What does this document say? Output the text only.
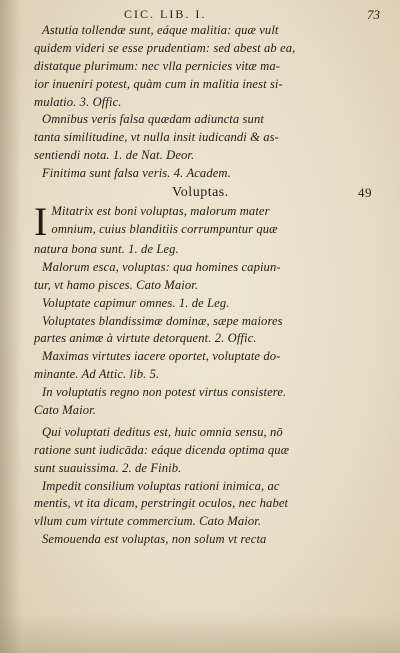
CIC. LIB. I.	73
Astutia tollendæ sunt, eáque malitia: quæ vult
quidem videri se esse prudentiam: sed abest ab ea,
distatque plurimum: nec vlla pernicies vitæ ma-
ior inueniri potest, quàm cum in malitia inest si-
mulatio. 3. Offic.
Omnibus veris falsa quædam adiuncta sunt
tanta similitudine, vt nulla insit iudicandi & as-
sentiendi nota. 1. de Nat. Deor.
Finitima sunt falsa veris. 4. Academ.
Voluptas.	49
I Mitatrix est boni voluptas, malorum mater
omnium, cuius blanditiis corrumpuntur quæ
natura bona sunt. 1. de Leg.
Malorum esca, voluptas: qua homines capiun-
tur, vt hamo pisces. Cato Maior.
Voluptate capimur omnes. 1. de Leg.
Voluptates blandissimæ dominæ, sæpe maiores
partes animæ à virtute detorquent. 2. Offic.
Maximas virtutes iacere oportet, voluptate do-
minante. Ad Attic. lib. 5.
In voluptatis regno non potest virtus consistere.
Cato Maior.
Qui voluptati deditus est, huic omnia sensu, nō
ratione sunt iudicāda: eáque dicenda optima quæ
sunt suauissima. 2. de Finib.
Impedit consilium voluptas rationi inimica, ac
mentis, vt ita dicam, perstringit oculos, nec habet
vllum cum virtute commercium. Cato Maior.
Semouenda est voluptas, non solum vt recta
